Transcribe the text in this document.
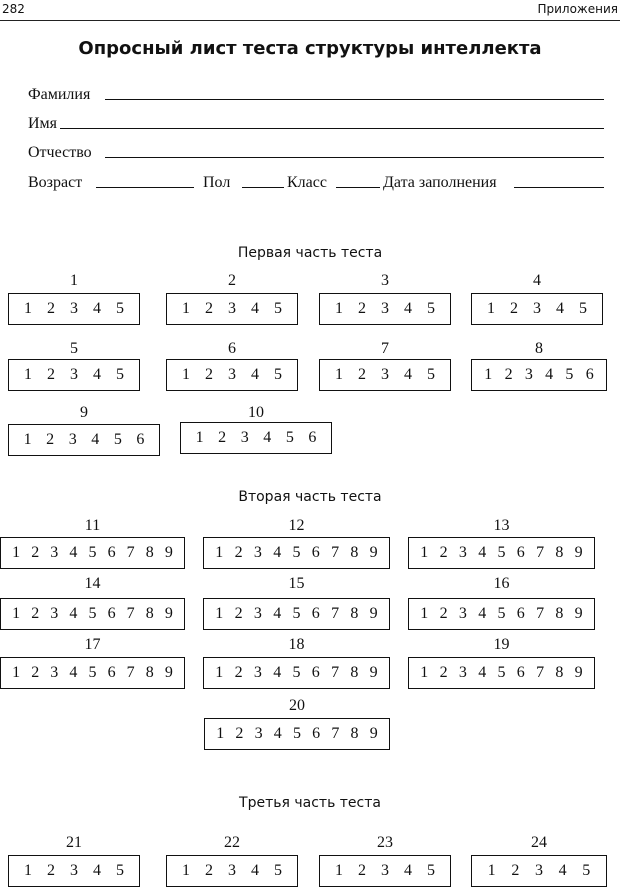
282	Приложения
Опросный лист теста структуры интеллекта
Фамилия
Имя
Отчество
Возраст	Пол	Класс	Дата заполнения
Первая часть теста
Вторая часть теста
Третья часть теста
1
1 2 3 4 5
2
1 2 3 4 5
3
1 2 3 4 5
4
1 2 3 4 5
5
1 2 3 4 5
6
1 2 3 4 5
7
1 2 3 4 5
8
1 2 3 4 5 6
9
1 2 3 4 5 6
10
1 2 3 4 5 6
11
1 2 3 4 5 6 7 8 9
12
1 2 3 4 5 6 7 8 9
13
1 2 3 4 5 6 7 8 9
14
1 2 3 4 5 6 7 8 9
15
1 2 3 4 5 6 7 8 9
16
1 2 3 4 5 6 7 8 9
17
1 2 3 4 5 6 7 8 9
18
1 2 3 4 5 6 7 8 9
19
1 2 3 4 5 6 7 8 9
20
1 2 3 4 5 6 7 8 9
21
1 2 3 4 5
22
1 2 3 4 5
23
1 2 3 4 5
24
1 2 3 4 5
